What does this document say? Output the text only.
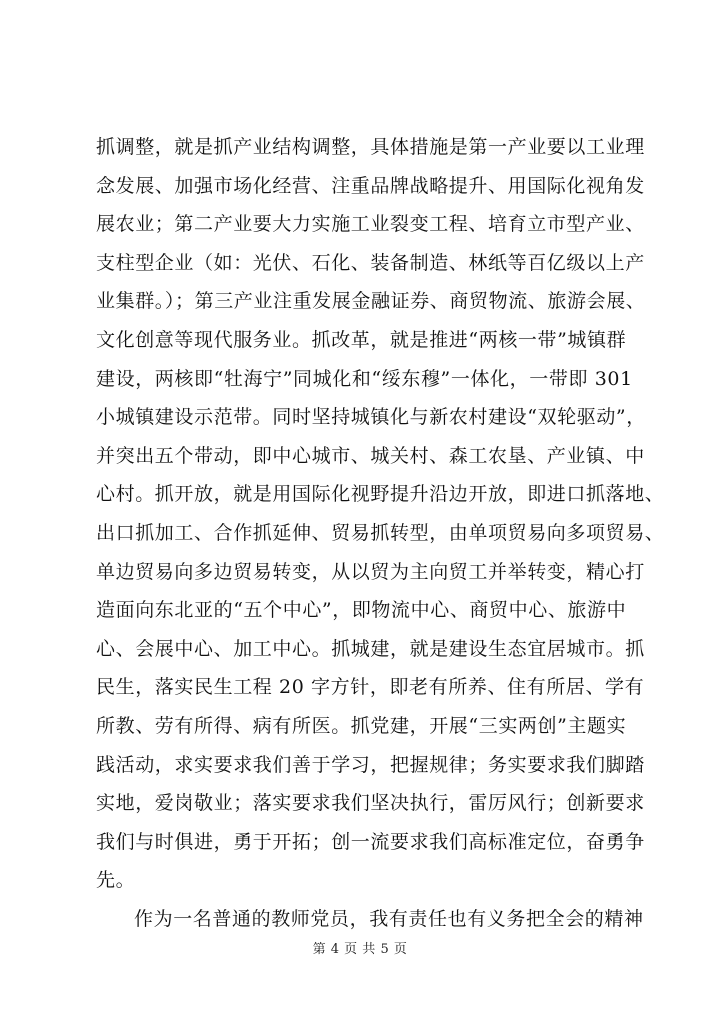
抓调整，就是抓产业结构调整，具体措施是第一产业要以工业理
念发展、加强市场化经营、注重品牌战略提升、用国际化视角发
展农业；第二产业要大力实施工业裂变工程、培育立市型产业、
支柱型企业（如：光伏、石化、装备制造、林纸等百亿级以上产
业集群。）；第三产业注重发展金融证券、商贸物流、旅游会展、
文化创意等现代服务业。抓改革，就是推进“两核一带”城镇群
建设，两核即“牡海宁”同城化和“绥东穆”一体化，一带即 301
小城镇建设示范带。同时坚持城镇化与新农村建设“双轮驱动”，
并突出五个带动，即中心城市、城关村、森工农垦、产业镇、中
心村。抓开放，就是用国际化视野提升沿边开放，即进口抓落地、
出口抓加工、合作抓延伸、贸易抓转型，由单项贸易向多项贸易、
单边贸易向多边贸易转变，从以贸为主向贸工并举转变，精心打
造面向东北亚的“五个中心”，即物流中心、商贸中心、旅游中
心、会展中心、加工中心。抓城建，就是建设生态宜居城市。抓
民生，落实民生工程 20 字方针，即老有所养、住有所居、学有
所教、劳有所得、病有所医。抓党建，开展“三实两创”主题实
践活动，求实要求我们善于学习，把握规律；务实要求我们脚踏
实地，爱岗敬业；落实要求我们坚决执行，雷厉风行；创新要求
我们与时俱进，勇于开拓；创一流要求我们高标准定位，奋勇争
先。
作为一名普通的教师党员，我有责任也有义务把全会的精神
第 4 页 共 5 页
